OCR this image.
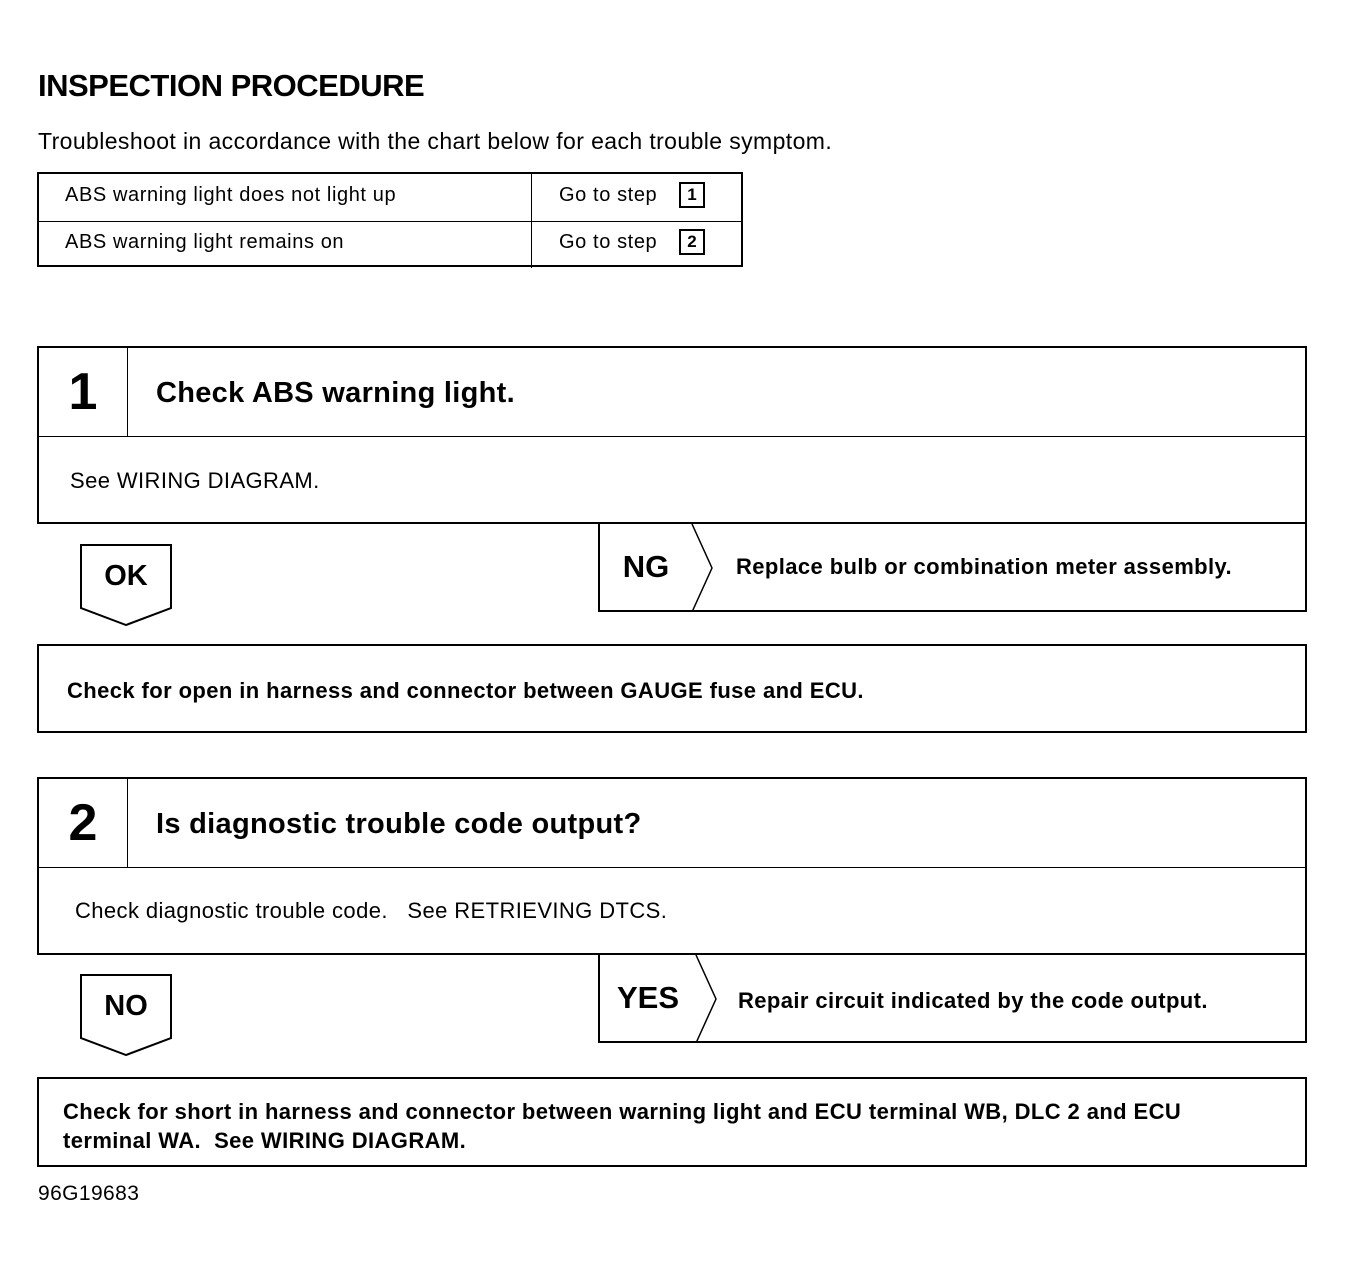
INSPECTION PROCEDURE
Troubleshoot in accordance with the chart below for each trouble symptom.
ABS warning light does not light up	Go to step	1
ABS warning light remains on	Go to step	2
1	Check ABS warning light.
See WIRING DIAGRAM.
OK	NG	Replace bulb or combination meter assembly.
Check for open in harness and connector between GAUGE fuse and ECU.
2	Is diagnostic trouble code output?
Check diagnostic trouble code.   See RETRIEVING DTCS.
NO	YES	Repair circuit indicated by the code output.
Check for short in harness and connector between warning light and ECU terminal WB, DLC 2 and ECU
terminal WA.  See WIRING DIAGRAM.
96G19683
